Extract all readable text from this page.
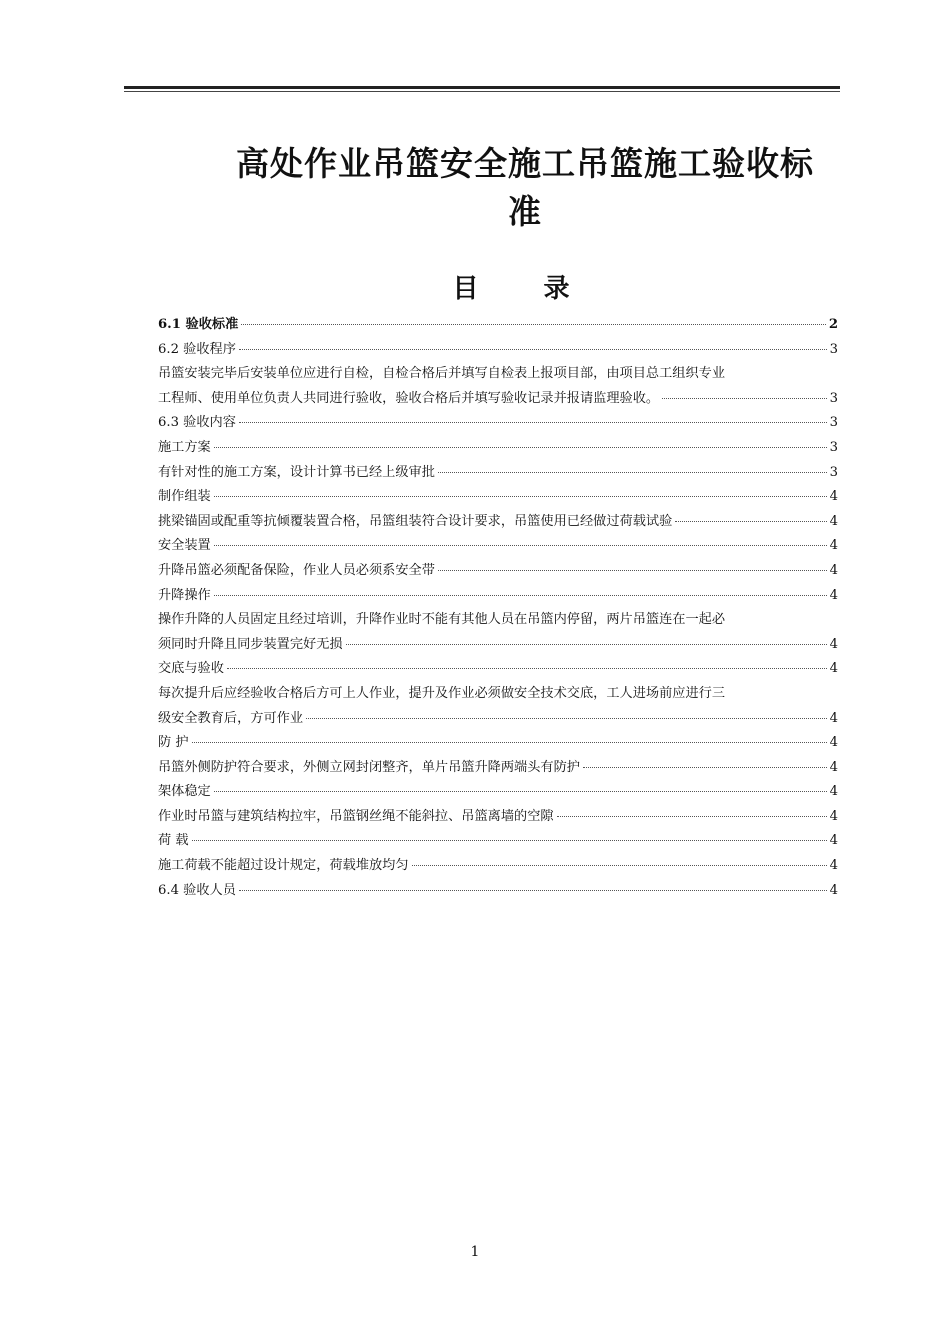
高处作业吊篮安全施工吊篮施工验收标
准
目 录
6.1 验收标准	2
6.2 验收程序	3
吊篮安装完毕后安装单位应进行自检，自检合格后并填写自检表上报项目部，由项目总工组织专业
工程师、使用单位负责人共同进行验收，验收合格后并填写验收记录并报请监理验收。	3
6.3 验收内容	3
施工方案	3
有针对性的施工方案，设计计算书已经上级审批	3
制作组装	4
挑梁锚固或配重等抗倾覆装置合格，吊篮组装符合设计要求，吊篮使用已经做过荷载试验	4
安全装置	4
升降吊篮必须配备保险，作业人员必须系安全带	4
升降操作	4
操作升降的人员固定且经过培训，升降作业时不能有其他人员在吊篮内停留，两片吊篮连在一起必
须同时升降且同步装置完好无损	4
交底与验收	4
每次提升后应经验收合格后方可上人作业，提升及作业必须做安全技术交底，工人进场前应进行三
级安全教育后，方可作业	4
防 护	4
吊篮外侧防护符合要求，外侧立网封闭整齐，单片吊篮升降两端头有防护	4
架体稳定	4
作业时吊篮与建筑结构拉牢，吊篮钢丝绳不能斜拉、吊篮离墙的空隙	4
荷 载	4
施工荷载不能超过设计规定，荷载堆放均匀	4
6.4 验收人员	4
1
